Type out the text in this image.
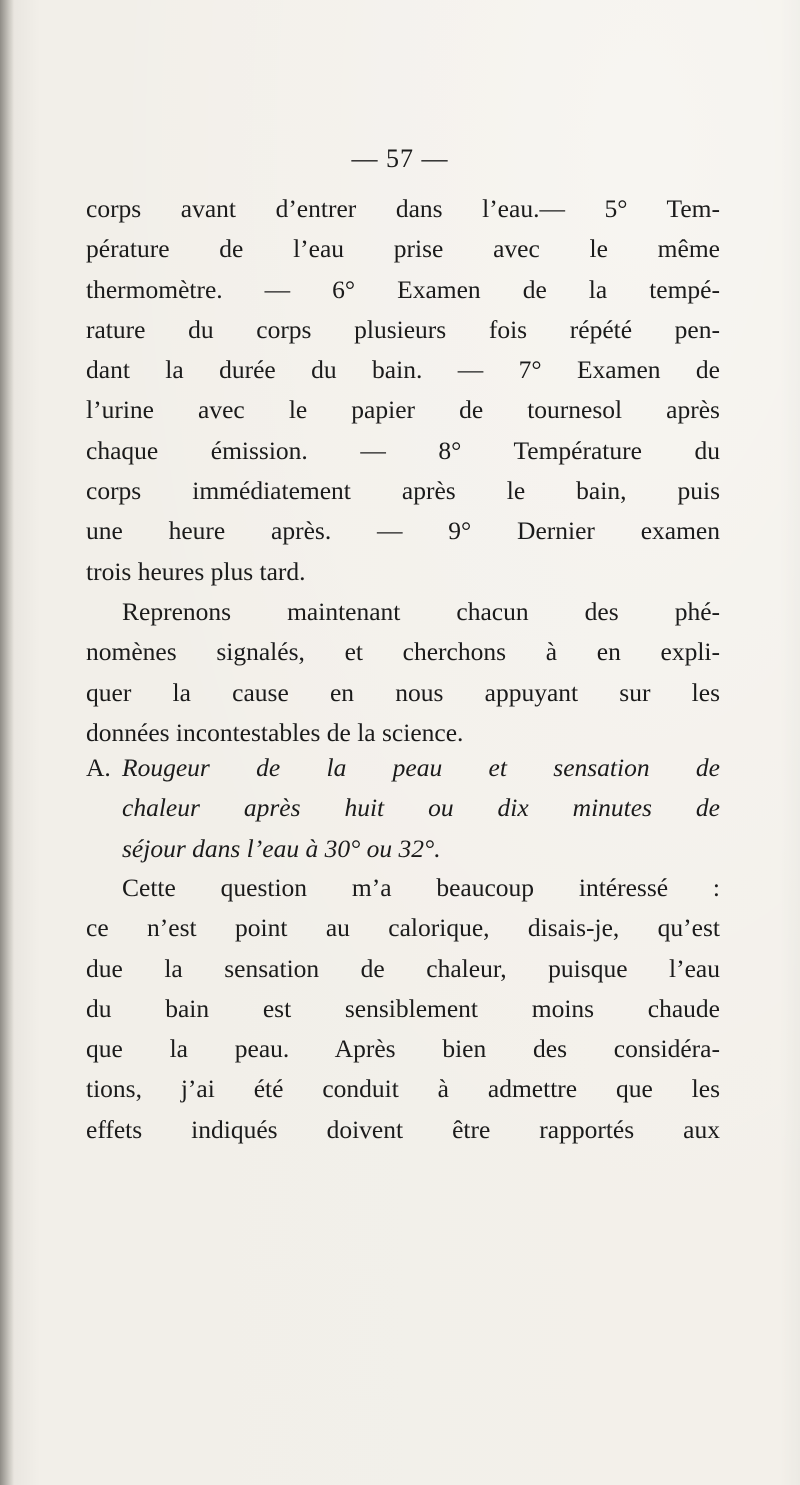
— 57 —
corps avant d’entrer dans l’eau.— 5° Tem-
pérature de l’eau prise avec le même
thermomètre. — 6° Examen de la tempé-
rature du corps plusieurs fois répété pen-
dant la durée du bain. — 7° Examen de
l’urine avec le papier de tournesol après
chaque émission. — 8° Température du
corps immédiatement après le bain, puis
une heure après. — 9° Dernier examen
trois heures plus tard.
Reprenons maintenant chacun des phé-
nomènes signalés, et cherchons à en expli-
quer la cause en nous appuyant sur les
données incontestables de la science.
A. Rougeur de la peau et sensation de
chaleur après huit ou dix minutes de
séjour dans l’eau à 30° ou 32°.
Cette question m’a beaucoup intéressé :
ce n’est point au calorique, disais-je, qu’est
due la sensation de chaleur, puisque l’eau
du bain est sensiblement moins chaude
que la peau. Après bien des considéra-
tions, j’ai été conduit à admettre que les
effets indiqués doivent être rapportés aux
